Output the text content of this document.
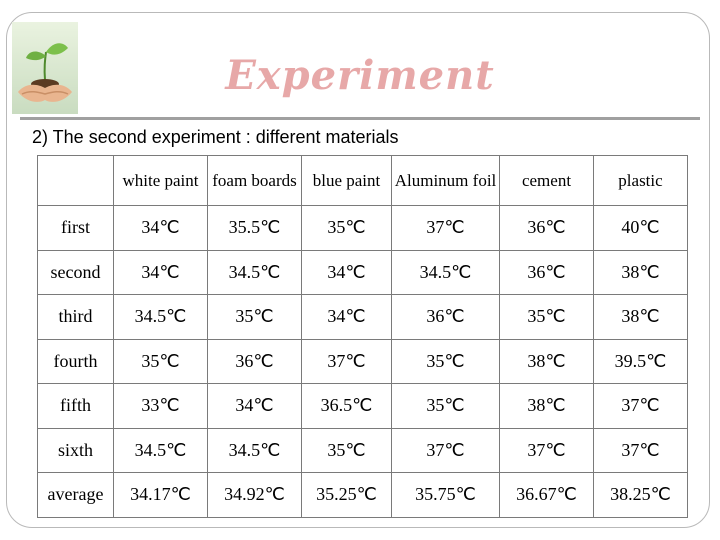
Experiment
2) The second experiment : different materials
	white paint	foam boards	blue paint	Aluminum foil	cement	plastic
first	34℃	35.5℃	35℃	37℃	36℃	40℃
second	34℃	34.5℃	34℃	34.5℃	36℃	38℃
third	34.5℃	35℃	34℃	36℃	35℃	38℃
fourth	35℃	36℃	37℃	35℃	38℃	39.5℃
fifth	33℃	34℃	36.5℃	35℃	38℃	37℃
sixth	34.5℃	34.5℃	35℃	37℃	37℃	37℃
average	34.17℃	34.92℃	35.25℃	35.75℃	36.67℃	38.25℃
